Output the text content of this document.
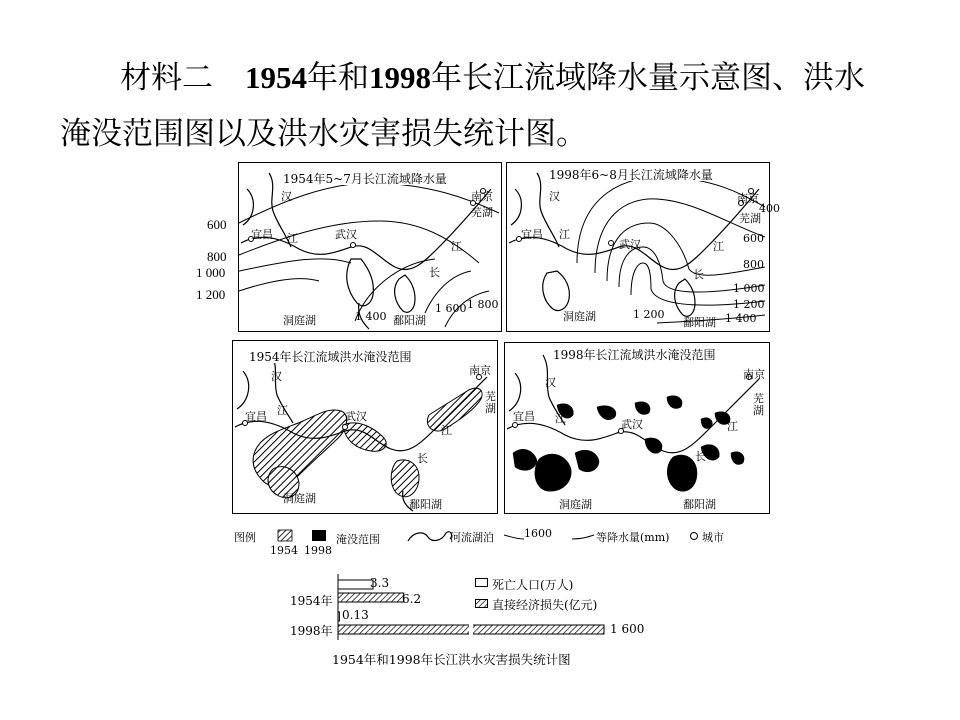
材料二 1954年和1998年长江流域降水量示意图、洪水
淹没范围图以及洪水灾害损失统计图。
600
800
1 000
1 200
1954年5~7月长江流域降水量
汉
宜昌 江	武汉
江
长
南京
芜湖
洞庭湖	鄱阳湖
1 400
1 600 1 800
1998年6~8月长江流域降水量
汉
宜昌 江
武汉	江
长
南京
芜湖
洞庭湖	鄱阳湖
1 200
400
600
800
1 000
1 200
1 400
1954年长江流域洪水淹没范围
汉
宜昌 江	武汉
江
长
南京
芜湖
洞庭湖	鄱阳湖
1998年长江流域洪水淹没范围
汉
宜昌 江	武汉	江
长
南京
芜湖
洞庭湖	鄱阳湖
图例
1954 1998
淹没范围	河流湖泊	1600	等降水量(mm)	城市
1954年
1998年
3.3
6.2
0.13
1 600
死亡人口(万人)
直接经济损失(亿元)
1954年和1998年长江洪水灾害损失统计图
